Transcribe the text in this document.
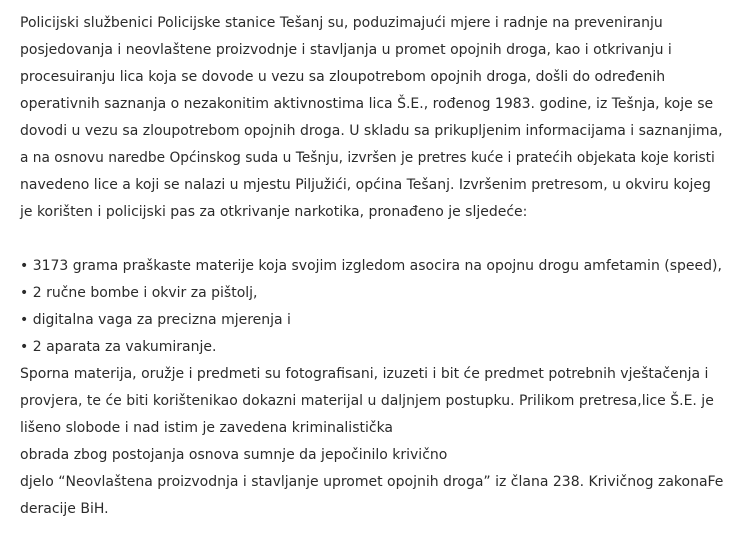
Policijski službenici Policijske stanice Tešanj su, poduzimajući mjere i radnje na preveniranju
posjedovanja i neovlaštene proizvodnje i stavljanja u promet opojnih droga, kao i otkrivanju i
procesuiranju lica koja se dovode u vezu sa zloupotrebom opojnih droga, došli do određenih
operativnih saznanja o nezakonitim aktivnostima lica Š.E., rođenog 1983. godine, iz Tešnja, koje se
dovodi u vezu sa zloupotrebom opojnih droga. U skladu sa prikupljenim informacijama i saznanjima,
a na osnovu naredbe Općinskog suda u Tešnju, izvršen je pretres kuće i pratećih objekata koje koristi
navedeno lice a koji se nalazi u mjestu Piljužići, općina Tešanj. Izvršenim pretresom, u okviru kojeg
je korišten i policijski pas za otkrivanje narkotika, pronađeno je sljedeće:
• 3173 grama praškaste materije koja svojim izgledom asocira na opojnu drogu amfetamin (speed),
• 2 ručne bombe i okvir za pištolj,
• digitalna vaga za precizna mjerenja i
• 2 aparata za vakumiranje.
Sporna materija, oružje i predmeti su fotografisani, izuzeti i bit će predmet potrebnih vještačenja i
provjera, te će biti korištenikao dokazni materijal u daljnjem postupku. Prilikom pretresa,lice Š.E. je
lišeno slobode i nad istim je zavedena kriminalistička
obrada zbog postojanja osnova sumnje da jepočinilo krivično
djelo “Neovlaštena proizvodnja i stavljanje upromet opojnih droga” iz člana 238. Krivičnog zakonaFe
deracije BiH.
